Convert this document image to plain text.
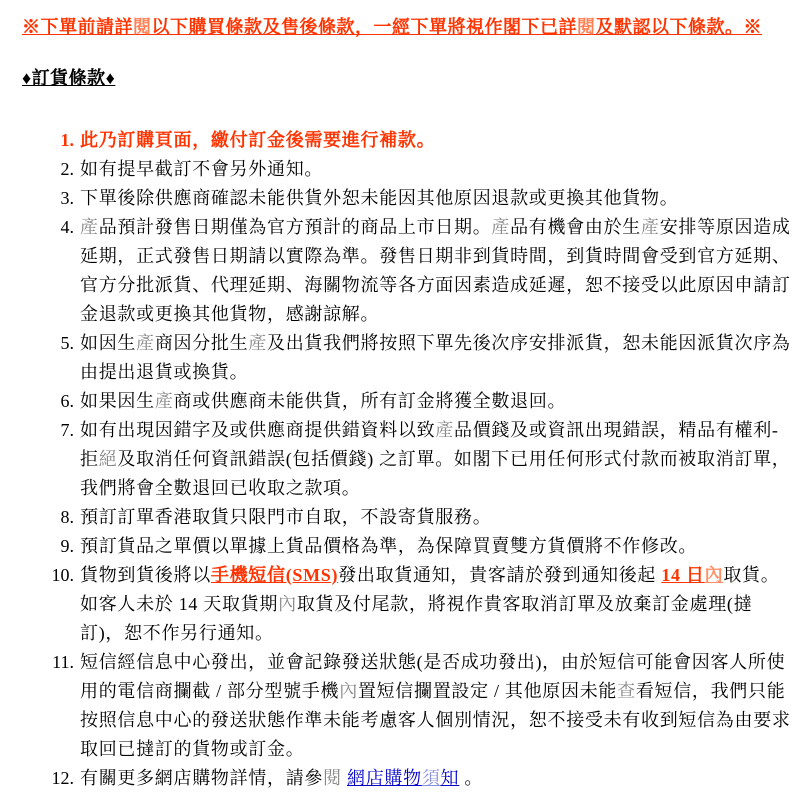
※下單前請詳閱以下購買條款及售後條款，一經下單將視作閣下已詳閱及默認以下條款。※
♦訂貨條款♦
1. 此乃訂購頁面，繳付訂金後需要進行補款。
2. 如有提早截訂不會另外通知。
3. 下單後除供應商確認未能供貨外恕未能因其他原因退款或更換其他貨物。
4. 產品預計發售日期僅為官方預計的商品上市日期。產品有機會由於生產安排等原因造成延期，正式發售日期請以實際為準。發售日期非到貨時間，到貨時間會受到官方延期、官方分批派貨、代理延期、海關物流等各方面因素造成延遲，恕不接受以此原因申請訂金退款或更換其他貨物，感謝諒解。
5. 如因生產商因分批生產及出貨我們將按照下單先後次序安排派貨，恕未能因派貨次序為由提出退貨或換貨。
6. 如果因生產商或供應商未能供貨，所有訂金將獲全數退回。
7. 如有出現因錯字及或供應商提供錯資料以致產品價錢及或資訊出現錯誤，精品有權利-拒絕及取消任何資訊錯誤(包括價錢) 之訂單。如閣下已用任何形式付款而被取消訂單，我們將會全數退回已收取之款項。
8. 預訂訂單香港取貨只限門市自取，不設寄貨服務。
9. 預訂貨品之單價以單據上貨品價格為準，為保障買賣雙方貨價將不作修改。
10. 貨物到貨後將以手機短信(SMS)發出取貨通知，貴客請於發到通知後起 14 日內取貨。如客人未於 14 天取貨期內取貨及付尾款，將視作貴客取消訂單及放棄訂金處理(撻訂)，恕不作另行通知。
11. 短信經信息中心發出，並會記錄發送狀態(是否成功發出)，由於短信可能會因客人所使用的電信商攔截 / 部分型號手機內置短信攔置設定 / 其他原因未能查看短信，我們只能按照信息中心的發送狀態作準未能考慮客人個別情況，恕不接受未有收到短信為由要求取回已撻訂的貨物或訂金。
12. 有關更多網店購物詳情，請參閱 網店購物須知 。
